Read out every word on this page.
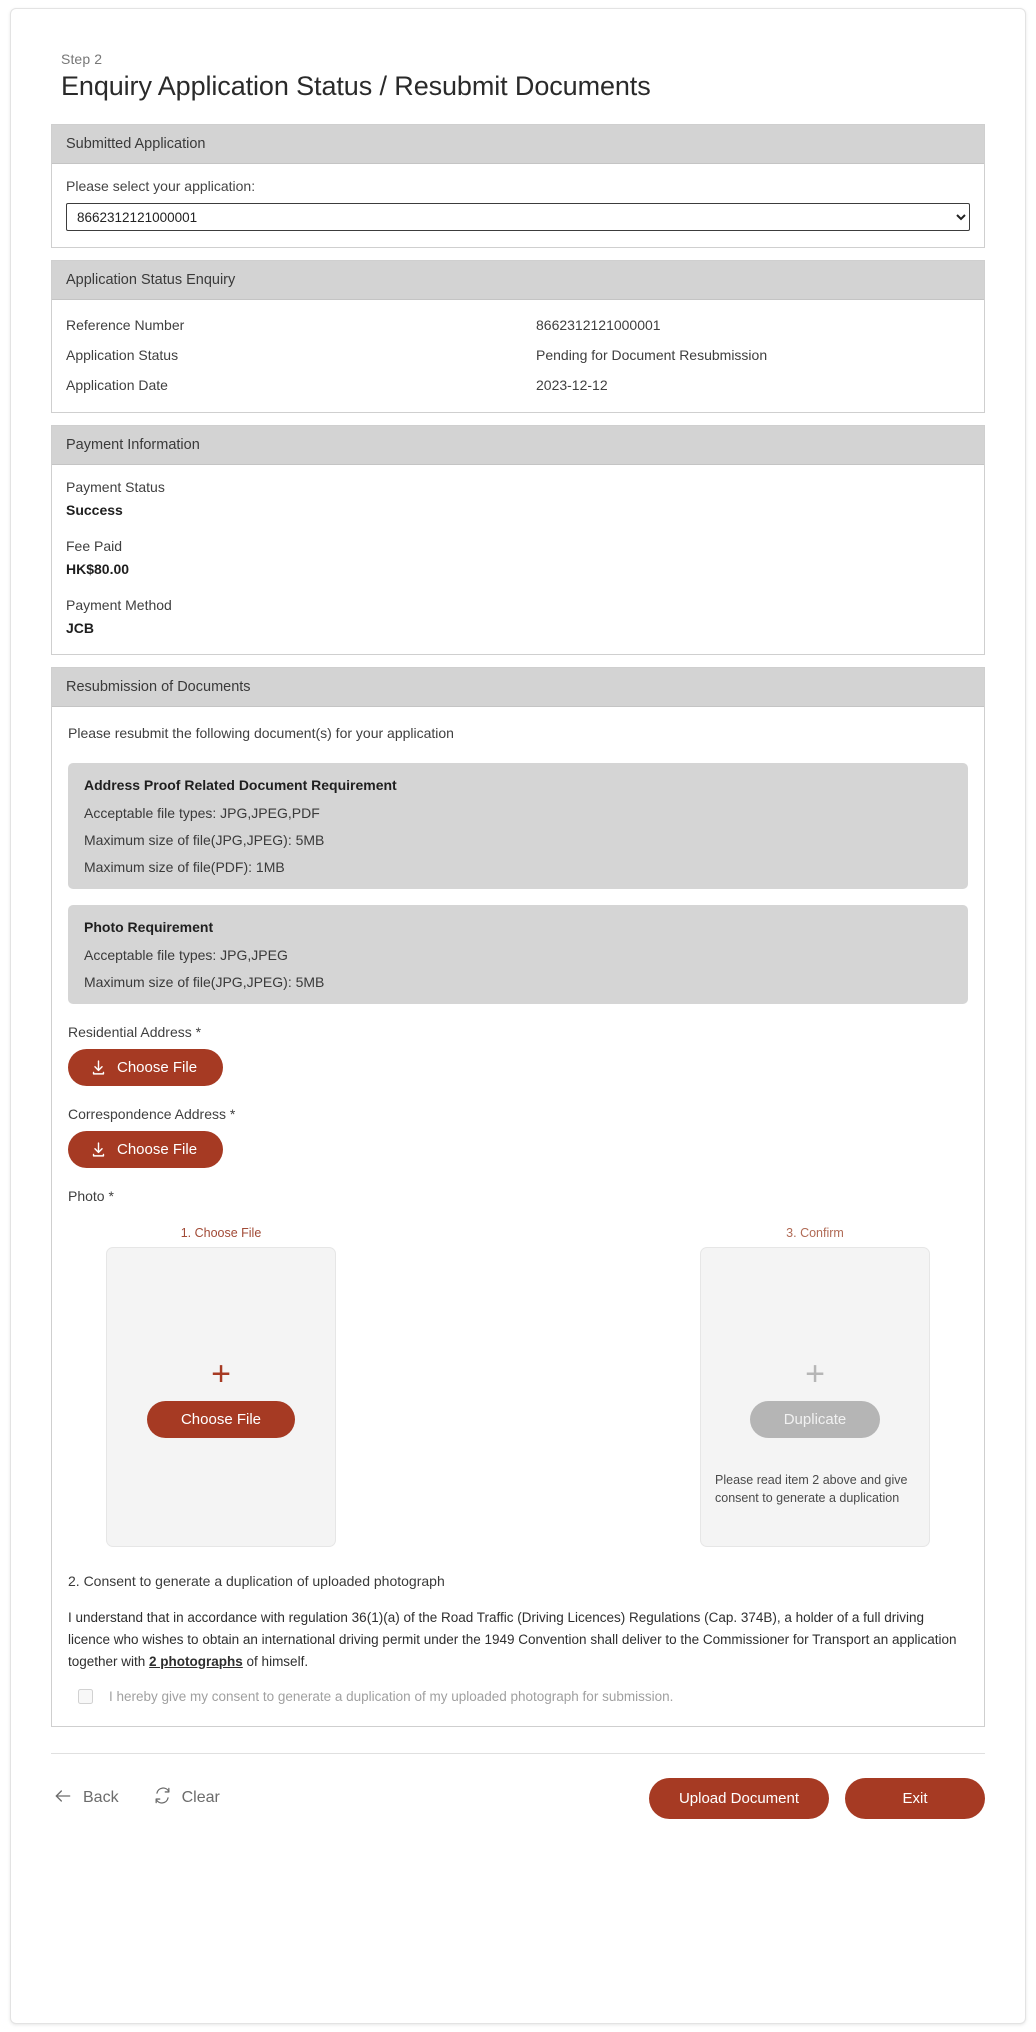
Step 2
Enquiry Application Status / Resubmit Documents
Submitted Application
Please select your application:
8662312121000001
Application Status Enquiry
Reference Number	8662312121000001
Application Status	Pending for Document Resubmission
Application Date	2023-12-12
Payment Information
Payment Status
Success
Fee Paid
HK$80.00
Payment Method
JCB
Resubmission of Documents
Please resubmit the following document(s) for your application
Address Proof Related Document Requirement
Acceptable file types: JPG,JPEG,PDF
Maximum size of file(JPG,JPEG): 5MB
Maximum size of file(PDF): 1MB
Photo Requirement
Acceptable file types: JPG,JPEG
Maximum size of file(JPG,JPEG): 5MB
Residential Address *
Choose File
Correspondence Address *
Choose File
Photo *
1. Choose File
+
Choose File
3. Confirm
+
Duplicate
Please read item 2 above and give consent to generate a duplication
2. Consent to generate a duplication of uploaded photograph

I understand that in accordance with regulation 36(1)(a) of the Road Traffic (Driving Licences) Regulations (Cap. 374B), a holder of a full driving licence who wishes to obtain an international driving permit under the 1949 Convention shall deliver to the Commissioner for Transport an application together with 2 photographs of himself.

I hereby give my consent to generate a duplication of my uploaded photograph for submission.
Back	Clear	Upload Document	Exit
